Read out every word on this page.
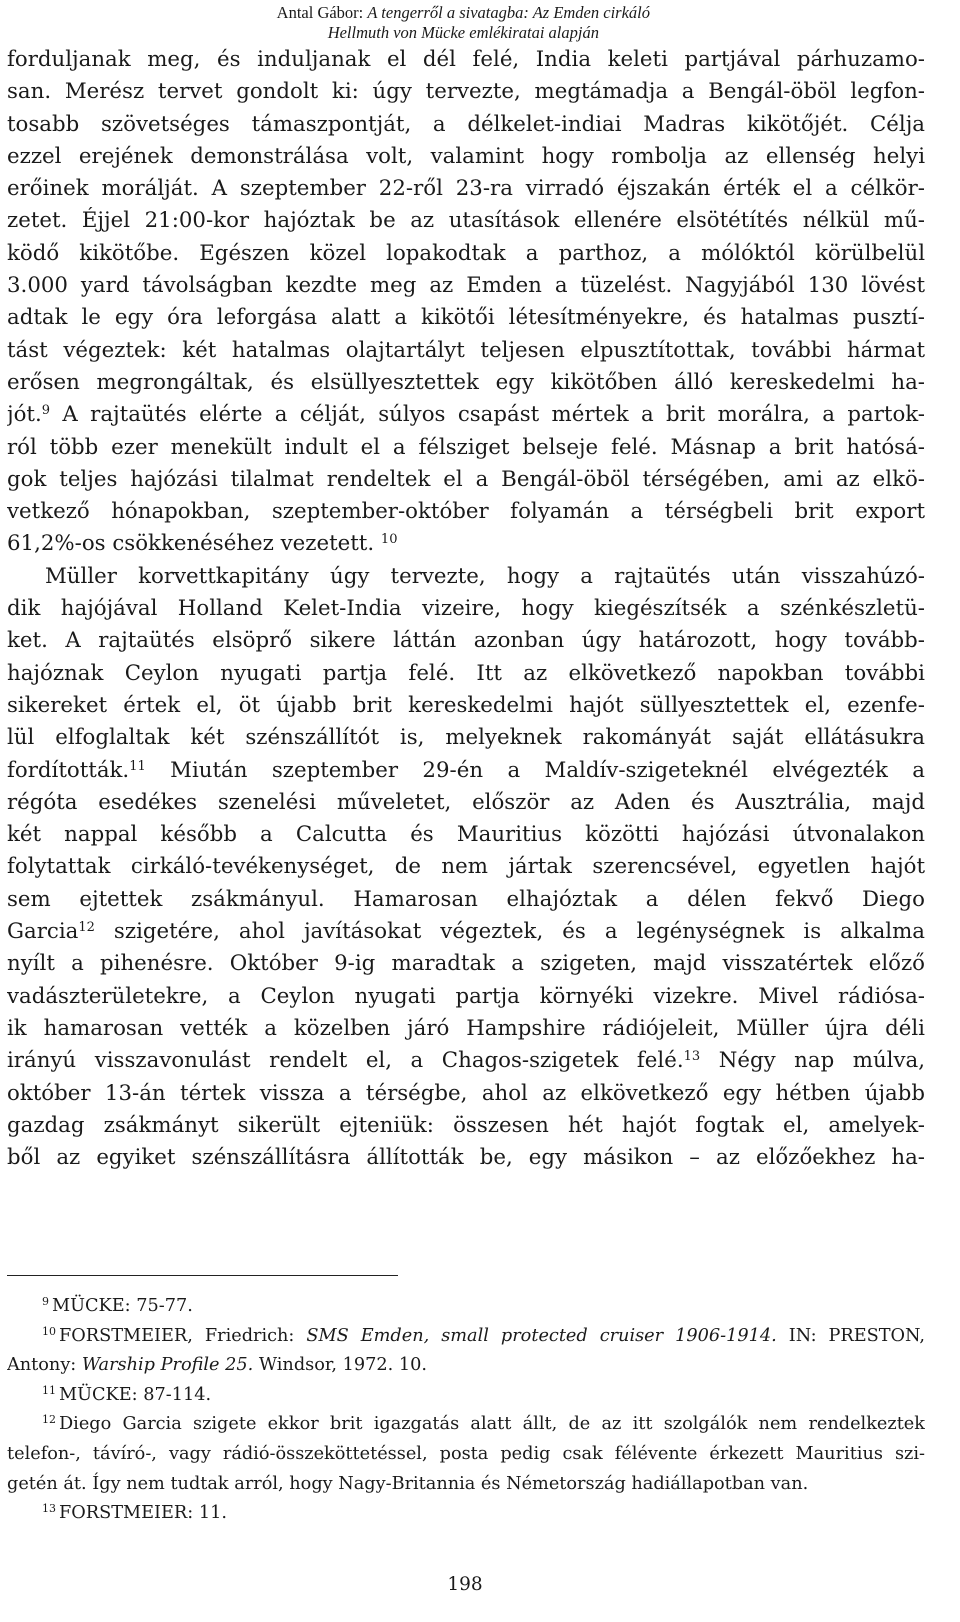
Antal Gábor: A tengerről a sivatagba: Az Emden cirkáló
Hellmuth von Mücke emlékiratai alapján
forduljanak meg, és induljanak el dél felé, India keleti partjával párhuzamo-
san. Merész tervet gondolt ki: úgy tervezte, megtámadja a Bengál-öböl legfon-
tosabb szövetséges támaszpontját, a délkelet-indiai Madras kikötőjét. Célja
ezzel erejének demonstrálása volt, valamint hogy rombolja az ellenség helyi
erőinek morálját. A szeptember 22-ről 23-ra virradó éjszakán érték el a célkör-
zetet. Éjjel 21:00-kor hajóztak be az utasítások ellenére elsötétítés nélkül mű-
ködő kikötőbe. Egészen közel lopakodtak a parthoz, a mólóktól körülbelül
3.000 yard távolságban kezdte meg az Emden a tüzelést. Nagyjából 130 lövést
adtak le egy óra leforgása alatt a kikötői létesítményekre, és hatalmas pusztí-
tást végeztek: két hatalmas olajtartályt teljesen elpusztítottak, további hármat
erősen megrongáltak, és elsüllyesztettek egy kikötőben álló kereskedelmi ha-
jót.$^9$ A rajtaütés elérte a célját, súlyos csapást mértek a brit morálra, a partok-
ról több ezer menekült indult el a félsziget belseje felé. Másnap a brit hatósá-
gok teljes hajózási tilalmat rendeltek el a Bengál-öböl térségében, ami az elkö-
vetkező hónapokban, szeptember-október folyamán a térségbeli brit export
61,2%-os csökkenéséhez vezetett. $^{10}$
Müller korvettkapitány úgy tervezte, hogy a rajtaütés után visszahúzó-
dik hajójával Holland Kelet-India vizeire, hogy kiegészítsék a szénkészletü-
ket. A rajtaütés elsöprő sikere láttán azonban úgy határozott, hogy tovább-
hajóznak Ceylon nyugati partja felé. Itt az elkövetkező napokban további
sikereket értek el, öt újabb brit kereskedelmi hajót süllyesztettek el, ezenfe-
lül elfoglaltak két szénszállítót is, melyeknek rakományát saját ellátásukra
fordították.$^{11}$ Miután szeptember 29-én a Maldív-szigeteknél elvégezték a
régóta esedékes szenelési műveletet, először az Aden és Ausztrália, majd
két nappal később a Calcutta és Mauritius közötti hajózási útvonalakon
folytattak cirkáló-tevékenységet, de nem jártak szerencsével, egyetlen hajót
sem ejtettek zsákmányul. Hamarosan elhajóztak a délen fekvő Diego
Garcia$^{12}$ szigetére, ahol javításokat végeztek, és a legénységnek is alkalma
nyílt a pihenésre. Október 9-ig maradtak a szigeten, majd visszatértek előző
vadászterületekre, a Ceylon nyugati partja környéki vizekre. Mivel rádiósa-
ik hamarosan vették a közelben járó Hampshire rádiójeleit, Müller újra déli
irányú visszavonulást rendelt el, a Chagos-szigetek felé.$^{13}$ Négy nap múlva,
október 13-án tértek vissza a térségbe, ahol az elkövetkező egy hétben újabb
gazdag zsákmányt sikerült ejteniük: összesen hét hajót fogtak el, amelyek-
ből az egyiket szénszállításra állították be, egy másikon – az előzőekhez ha-
$^9$ MÜCKE: 75-77.
$^{10}$ FORSTMEIER, Friedrich: SMS Emden, small protected cruiser 1906-1914. IN: PRESTON,
Antony: Warship Profile 25. Windsor, 1972. 10.
$^{11}$ MÜCKE: 87-114.
$^{12}$ Diego Garcia szigete ekkor brit igazgatás alatt állt, de az itt szolgálók nem rendelkeztek
telefon-, távíró-, vagy rádió-összeköttetéssel, posta pedig csak félévente érkezett Mauritius szi-
getén át. Így nem tudtak arról, hogy Nagy-Britannia és Németország hadiállapotban van.
$^{13}$ FORSTMEIER: 11.
198
